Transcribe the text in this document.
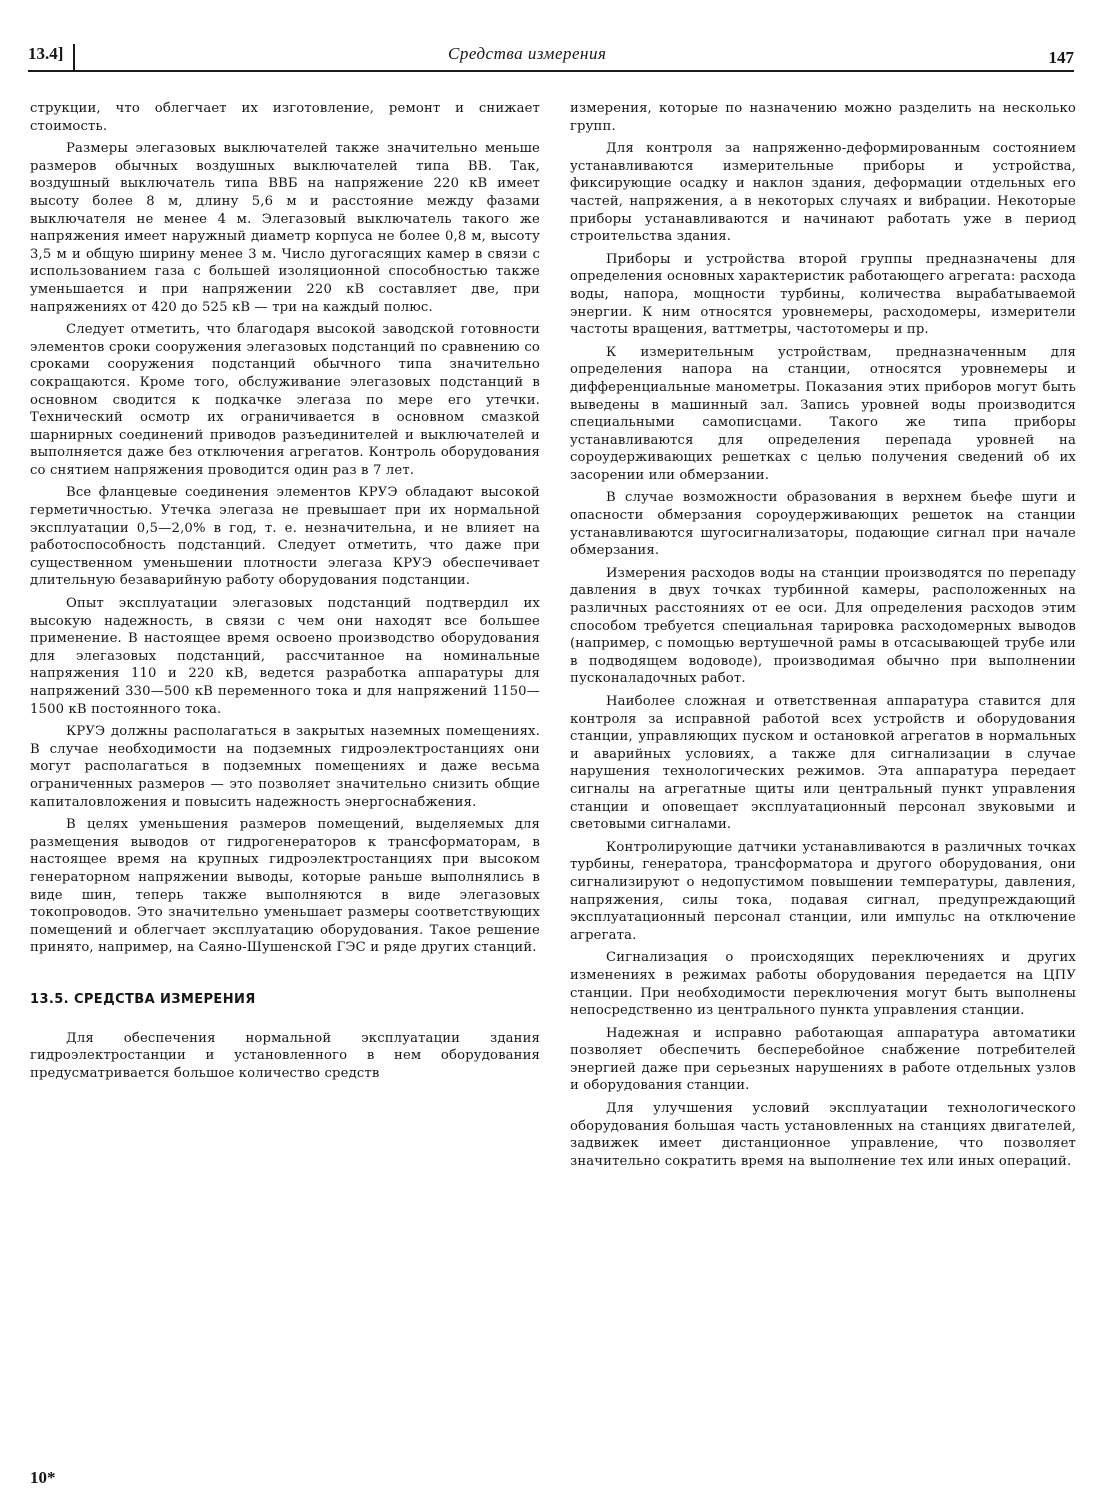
13.4]	Средства измерения	147

струкции, что облегчает их изготовление, ремонт и снижает стоимость.

Размеры элегазовых выключателей также значительно меньше размеров обычных воздушных выключателей типа ВВ. Так, воздушный выключатель типа ВВБ на напряжение 220 кВ имеет высоту более 8 м, длину 5,6 м и расстояние между фазами выключателя не менее 4 м. Элегазовый выключатель такого же напряжения имеет наружный диаметр корпуса не более 0,8 м, высоту 3,5 м и общую ширину менее 3 м. Число дугогасящих камер в связи с использованием газа с большей изоляционной способностью также уменьшается и при напряжении 220 кВ составляет две, при напряжениях от 420 до 525 кВ — три на каждый полюс.

Следует отметить, что благодаря высокой заводской готовности элементов сроки сооружения элегазовых подстанций по сравнению со сроками сооружения подстанций обычного типа значительно сокращаются. Кроме того, обслуживание элегазовых подстанций в основном сводится к подкачке элегаза по мере его утечки. Технический осмотр их ограничивается в основном смазкой шарнирных соединений приводов разъединителей и выключателей и выполняется даже без отключения агрегатов. Контроль оборудования со снятием напряжения проводится один раз в 7 лет.

Все фланцевые соединения элементов КРУЭ обладают высокой герметичностью. Утечка элегаза не превышает при их нормальной эксплуатации 0,5—2,0% в год, т. е. незначительна, и не влияет на работоспособность подстанций. Следует отметить, что даже при существенном уменьшении плотности элегаза КРУЭ обеспечивает длительную безаварийную работу оборудования подстанции.

Опыт эксплуатации элегазовых подстанций подтвердил их высокую надежность, в связи с чем они находят все большее применение. В настоящее время освоено производство оборудования для элегазовых подстанций, рассчитанное на номинальные напряжения 110 и 220 кВ, ведется разработка аппаратуры для напряжений 330—500 кВ переменного тока и для напряжений 1150—1500 кВ постоянного тока.

КРУЭ должны располагаться в закрытых наземных помещениях. В случае необходимости на подземных гидроэлектростанциях они могут располагаться в подземных помещениях и даже весьма ограниченных размеров — это позволяет значительно снизить общие капиталовложения и повысить надежность энергоснабжения.

В целях уменьшения размеров помещений, выделяемых для размещения выводов от гидрогенераторов к трансформаторам, в настоящее время на крупных гидроэлектростанциях при высоком генераторном напряжении выводы, которые раньше выполнялись в виде шин, теперь также выполняются в виде элегазовых токопроводов. Это значительно уменьшает размеры соответствующих помещений и облегчает эксплуатацию оборудования. Такое решение принято, например, на Саяно-Шушенской ГЭС и ряде других станций.

13.5. СРЕДСТВА ИЗМЕРЕНИЯ

Для обеспечения нормальной эксплуатации здания гидроэлектростанции и установленного в нем оборудования предусматривается большое количество средств

измерения, которые по назначению можно разделить на несколько групп.

Для контроля за напряженно-деформированным состоянием устанавливаются измерительные приборы и устройства, фиксирующие осадку и наклон здания, деформации отдельных его частей, напряжения, а в некоторых случаях и вибрации. Некоторые приборы устанавливаются и начинают работать уже в период строительства здания.

Приборы и устройства второй группы предназначены для определения основных характеристик работающего агрегата: расхода воды, напора, мощности турбины, количества вырабатываемой энергии. К ним относятся уровнемеры, расходомеры, измерители частоты вращения, ваттметры, частотомеры и пр.

К измерительным устройствам, предназначенным для определения напора на станции, относятся уровнемеры и дифференциальные манометры. Показания этих приборов могут быть выведены в машинный зал. Запись уровней воды производится специальными самописцами. Такого же типа приборы устанавливаются для определения перепада уровней на сороудерживающих решетках с целью получения сведений об их засорении или обмерзании.

В случае возможности образования в верхнем бьефе шуги и опасности обмерзания сороудерживающих решеток на станции устанавливаются шугосигнализаторы, подающие сигнал при начале обмерзания.

Измерения расходов воды на станции производятся по перепаду давления в двух точках турбинной камеры, расположенных на различных расстояниях от ее оси. Для определения расходов этим способом требуется специальная тарировка расходомерных выводов (например, с помощью вертушечной рамы в отсасывающей трубе или в подводящем водоводе), производимая обычно при выполнении пусконаладочных работ.

Наиболее сложная и ответственная аппаратура ставится для контроля за исправной работой всех устройств и оборудования станции, управляющих пуском и остановкой агрегатов в нормальных и аварийных условиях, а также для сигнализации в случае нарушения технологических режимов. Эта аппаратура передает сигналы на агрегатные щиты или центральный пункт управления станции и оповещает эксплуатационный персонал звуковыми и световыми сигналами.

Контролирующие датчики устанавливаются в различных точках турбины, генератора, трансформатора и другого оборудования, они сигнализируют о недопустимом повышении температуры, давления, напряжения, силы тока, подавая сигнал, предупреждающий эксплуатационный персонал станции, или импульс на отключение агрегата.

Сигнализация о происходящих переключениях и других изменениях в режимах работы оборудования передается на ЦПУ станции. При необходимости переключения могут быть выполнены непосредственно из центрального пункта управления станции.

Надежная и исправно работающая аппаратура автоматики позволяет обеспечить бесперебойное снабжение потребителей энергией даже при серьезных нарушениях в работе отдельных узлов и оборудования станции.

Для улучшения условий эксплуатации технологического оборудования большая часть установленных на станциях двигателей, задвижек имеет дистанционное управление, что позволяет значительно сократить время на выполнение тех или иных операций.

10*
